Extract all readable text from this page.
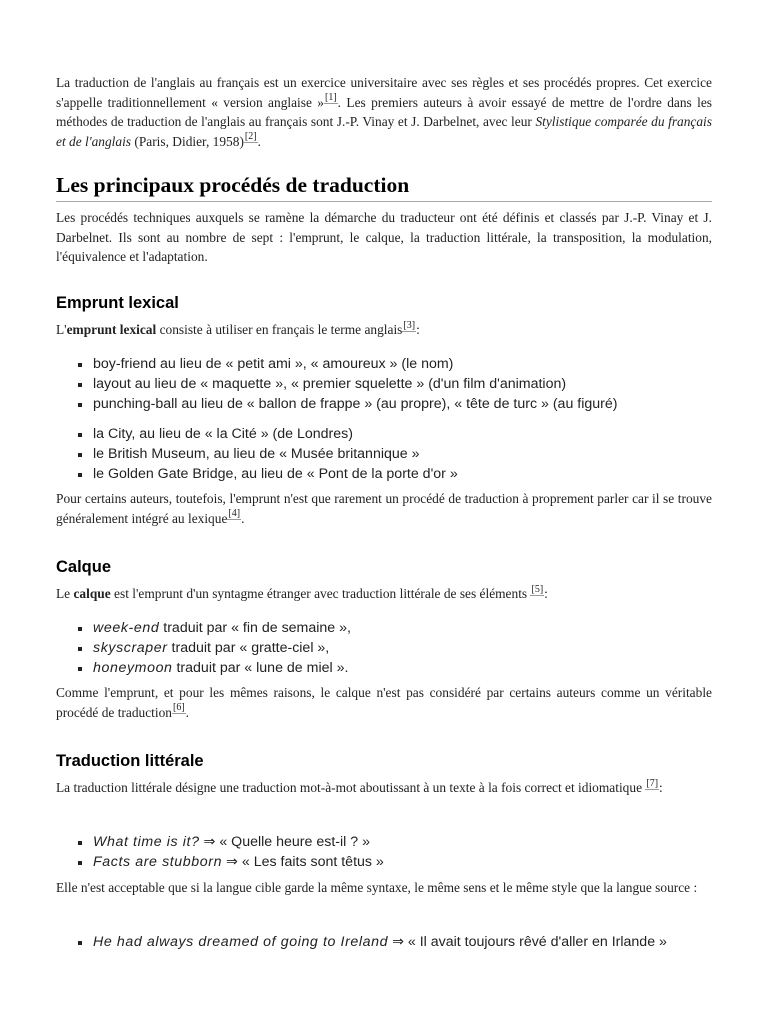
La traduction de l'anglais au français est un exercice universitaire avec ses règles et ses procédés propres. Cet exercice s'appelle traditionnellement « version anglaise »[1]. Les premiers auteurs à avoir essayé de mettre de l'ordre dans les méthodes de traduction de l'anglais au français sont J.-P. Vinay et J. Darbelnet, avec leur Stylistique comparée du français et de l'anglais (Paris, Didier, 1958)[2].

Les principaux procédés de traduction

Les procédés techniques auxquels se ramène la démarche du traducteur ont été définis et classés par J.-P. Vinay et J. Darbelnet. Ils sont au nombre de sept : l'emprunt, le calque, la traduction littérale, la transposition, la modulation, l'équivalence et l'adaptation.

Emprunt lexical

L'emprunt lexical consiste à utiliser en français le terme anglais[3]:

boy-friend au lieu de « petit ami », « amoureux » (le nom)
layout au lieu de « maquette », « premier squelette » (d'un film d'animation)
punching-ball au lieu de « ballon de frappe » (au propre), « tête de turc » (au figuré)
la City, au lieu de « la Cité » (de Londres)
le British Museum, au lieu de « Musée britannique »
le Golden Gate Bridge, au lieu de « Pont de la porte d'or »

Pour certains auteurs, toutefois, l'emprunt n'est que rarement un procédé de traduction à proprement parler car il se trouve généralement intégré au lexique[4].

Calque

Le calque est l'emprunt d'un syntagme étranger avec traduction littérale de ses éléments [5]:

week-end traduit par « fin de semaine »,
skyscraper traduit par « gratte-ciel »,
honeymoon traduit par « lune de miel ».

Comme l'emprunt, et pour les mêmes raisons, le calque n'est pas considéré par certains auteurs comme un véritable procédé de traduction[6].

Traduction littérale

La traduction littérale désigne une traduction mot-à-mot aboutissant à un texte à la fois correct et idiomatique [7]:

What time is it? ⇒ « Quelle heure est-il ? »
Facts are stubborn ⇒ « Les faits sont têtus »

Elle n'est acceptable que si la langue cible garde la même syntaxe, le même sens et le même style que la langue source :

He had always dreamed of going to Ireland ⇒ « Il avait toujours rêvé d'aller en Irlande »
